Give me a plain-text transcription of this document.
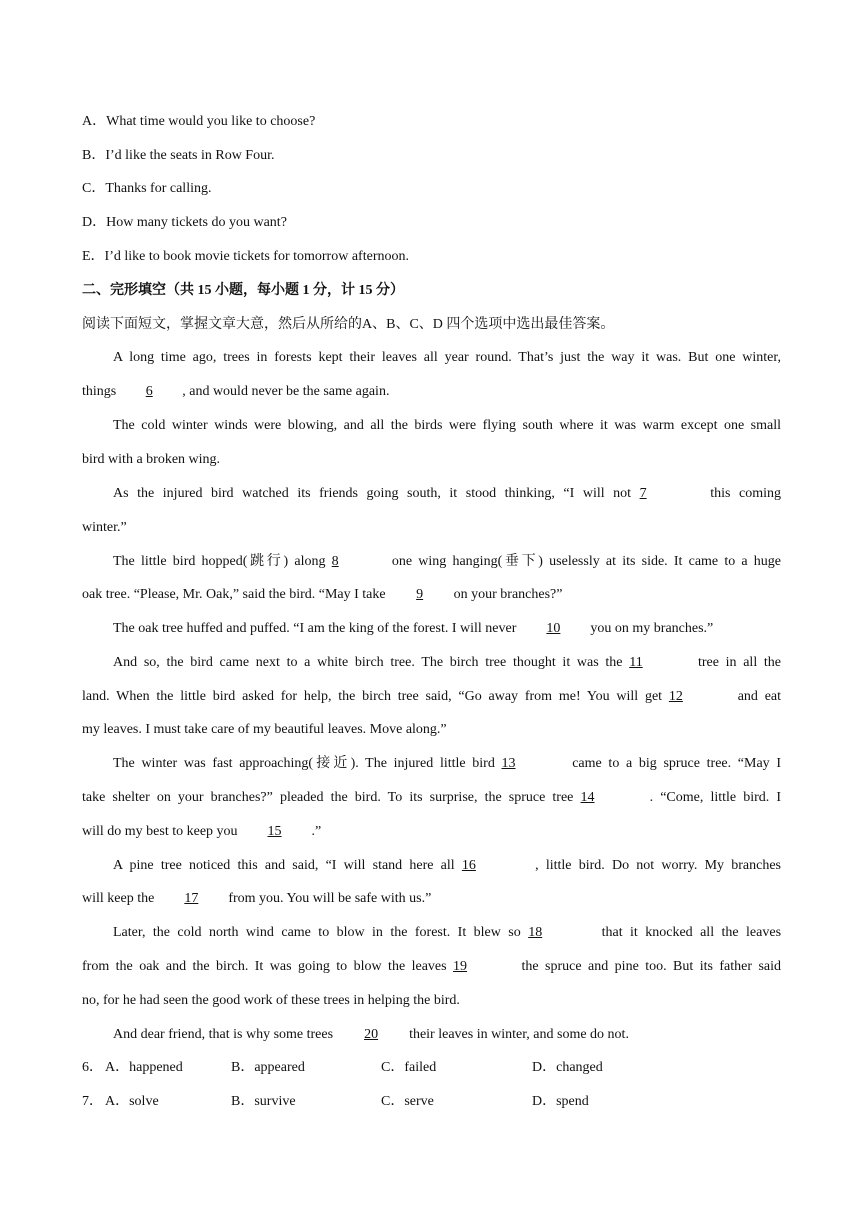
A．What time would you like to choose?
B．I’d like the seats in Row Four.
C．Thanks for calling.
D．How many tickets do you want?
E．I’d like to book movie tickets for tomorrow afternoon.
二、完形填空（共 15 小题，每小题 1 分，计 15 分）
阅读下面短文，掌握文章大意，然后从所给的A、B、C、D 四个选项中选出最佳答案。
A long time ago, trees in forests kept their leaves all year round. That’s just the way it was. But one winter,
things 6 , and would never be the same again.
The cold winter winds were blowing, and all the birds were flying south where it was warm except one small
bird with a broken wing.
As the injured bird watched its friends going south, it stood thinking, “I will not 7	this coming
winter.”
The little bird hopped(跳行) along 8	one wing hanging(垂下) uselessly at its side. It came to a huge
oak tree. “Please, Mr. Oak,” said the bird. “May I take 9 on your branches?”
The oak tree huffed and puffed. “I am the king of the forest. I will never 10 you on my branches.”
And so, the bird came next to a white birch tree. The birch tree thought it was the 11	tree in all the
land. When the little bird asked for help, the birch tree said, “Go away from me! You will get 12	and eat
my leaves. I must take care of my beautiful leaves. Move along.”
The winter was fast approaching(接近). The injured little bird 13	came to a big spruce tree. “May I
take shelter on your branches?” pleaded the bird. To its surprise, the spruce tree 14	. “Come, little bird. I
will do my best to keep you 15 .”
A pine tree noticed this and said, “I will stand here all 16	, little bird. Do not worry. My branches
will keep the 17 from you. You will be safe with us.”
Later, the cold north wind came to blow in the forest. It blew so 18	that it knocked all the leaves
from the oak and the birch. It was going to blow the leaves 19	the spruce and pine too. But its father said
no, for he had seen the good work of these trees in helping the bird.
And dear friend, that is why some trees 20 their leaves in winter, and some do not.
6． A．happened	B．appeared	C．failed	D．changed
7． A．solve	B．survive	C．serve	D．spend
